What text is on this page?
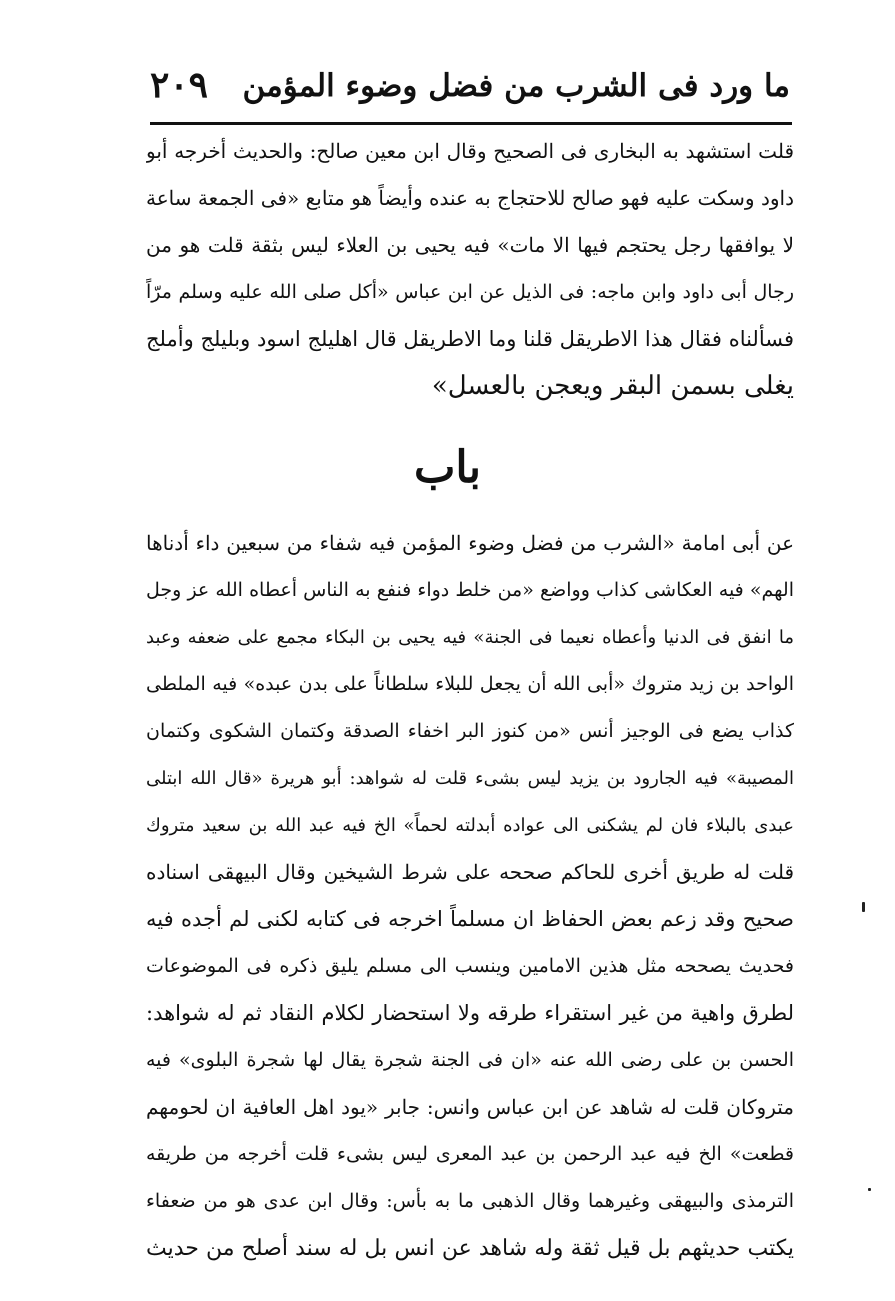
ما ورد فى الشرب من فضل وضوء المؤمن
٢٠٩
قلت استشهد به البخارى فى الصحيح وقال ابن معين صالح: والحديث أخرجه أبو
داود وسكت عليه فهو صالح للاحتجاج به عنده وأيضاً هو متابع «فى الجمعة ساعة
لا يوافقها رجل يحتجم فيها الا مات» فيه يحيى بن العلاء ليس بثقة قلت هو من
رجال أبى داود وابن ماجه: فى الذيل عن ابن عباس «أكل صلى الله عليه وسلم مرّاً
فسألناه فقال هذا الاطريقل قلنا وما الاطريقل قال اهليلج اسود وبليلج وأملج
يغلى بسمن البقر ويعجن بالعسل»
باب
عن أبى امامة «الشرب من فضل وضوء المؤمن فيه شفاء من سبعين داء أدناها
الهم» فيه العكاشى كذاب وواضع «من خلط دواء فنفع به الناس أعطاه الله عز وجل
ما انفق فى الدنيا وأعطاه نعيما فى الجنة» فيه يحيى بن البكاء مجمع على ضعفه وعبد
الواحد بن زيد متروك «أبى الله أن يجعل للبلاء سلطاناً على بدن عبده» فيه الملطى
كذاب يضع فى الوجيز أنس «من كنوز البر اخفاء الصدقة وكتمان الشكوى وكتمان
المصيبة» فيه الجارود بن يزيد ليس بشىء قلت له شواهد: أبو هريرة «قال الله ابتلى
عبدى بالبلاء فان لم يشكنى الى عواده أبدلته لحماً» الخ فيه عبد الله بن سعيد متروك
قلت له طريق أخرى للحاكم صححه على شرط الشيخين وقال البيهقى اسناده
صحيح وقد زعم بعض الحفاظ ان مسلماً اخرجه فى كتابه لكنى لم أجده فيه
فحديث يصححه مثل هذين الامامين وينسب الى مسلم يليق ذكره فى الموضوعات
لطرق واهية من غير استقراء طرقه ولا استحضار لكلام النقاد ثم له شواهد:
الحسن بن على رضى الله عنه «ان فى الجنة شجرة يقال لها شجرة البلوى» فيه
متروكان قلت له شاهد عن ابن عباس وانس: جابر «يود اهل العافية ان لحومهم
قطعت» الخ فيه عبد الرحمن بن عبد المعرى ليس بشىء قلت أخرجه من طريقه
الترمذى والبيهقى وغيرهما وقال الذهبى ما به بأس: وقال ابن عدى هو من ضعفاء
يكتب حديثهم بل قيل ثقة وله شاهد عن انس بل له سند أصلح من حديث
